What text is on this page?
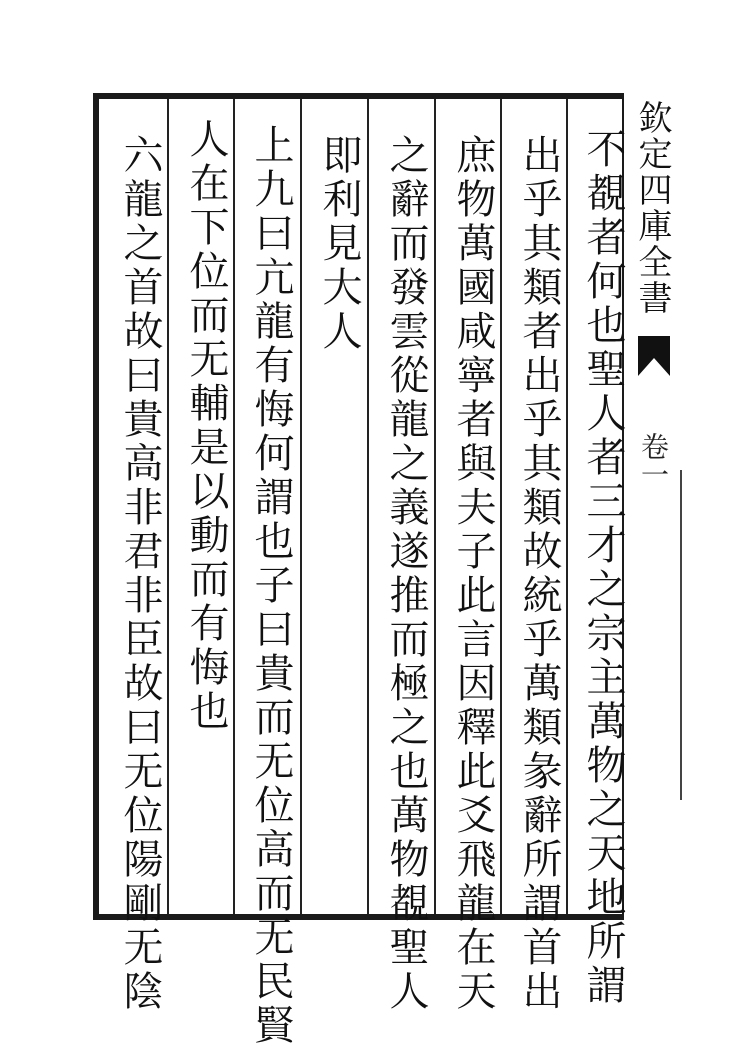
不覩者何也聖人者三才之宗主萬物之天地所謂
出乎其類者出乎其類故統乎萬類彖辭所謂首出
庶物萬國咸寧者與夫子此言因釋此爻飛龍在天
之辭而發雲從龍之義遂推而極之也萬物覩聖人
即利見大人
上九曰亢龍有悔何謂也子曰貴而无位高而无民賢
人在下位而无輔是以動而有悔也
六龍之首故曰貴高非君非臣故曰无位陽剛无陰	欽定四庫全書
卷一
